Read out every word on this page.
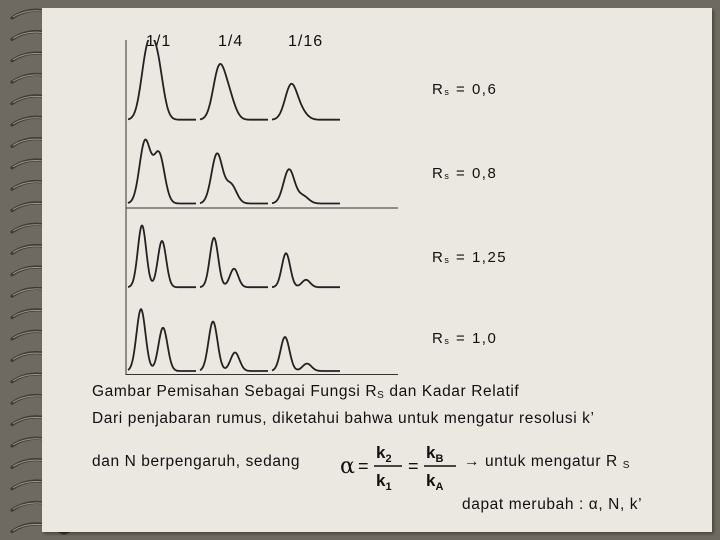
1/1	1/4	1/16
$R_s = 0,6$
$R_s = 0,8$
$R_s = 1,25$
$R_s = 1,0$
Gambar Pemisahan Sebagai Fungsi $R_S$ dan Kadar Relatif
Dari penjabaran rumus, diketahui bahwa untuk mengatur resolusi k’
dan N berpengaruh, sedang α =
$k_2$
$k_1$
=
$k_B$
$k_A$
→ untuk mengatur R $_S$
dapat merubah : α, N, k’
